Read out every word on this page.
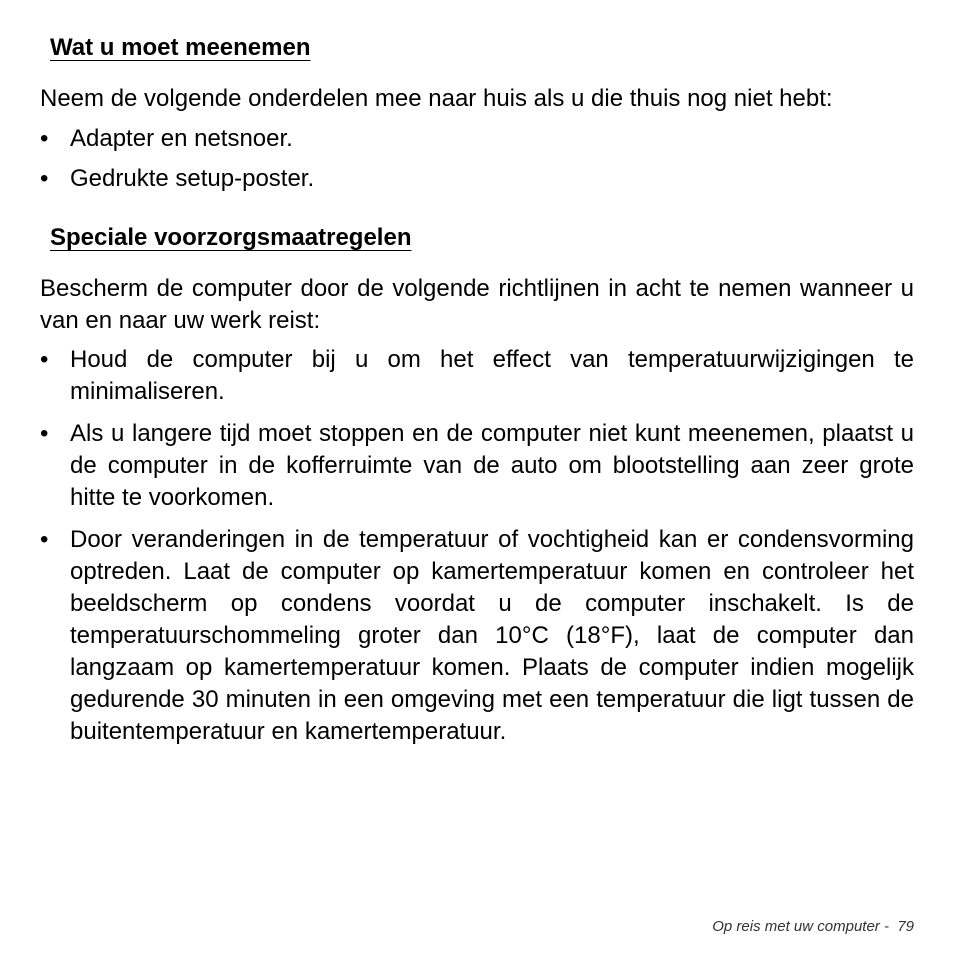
Wat u moet meenemen

Neem de volgende onderdelen mee naar huis als u die thuis nog niet hebt:

• Adapter en netsnoer.
• Gedrukte setup-poster.
Speciale voorzorgsmaatregelen

Bescherm de computer door de volgende richtlijnen in acht te nemen wanneer u van en naar uw werk reist:

• Houd de computer bij u om het effect van temperatuurwijzigingen te minimaliseren.
• Als u langere tijd moet stoppen en de computer niet kunt meenemen, plaatst u de computer in de kofferruimte van de auto om blootstelling aan zeer grote hitte te voorkomen.
• Door veranderingen in de temperatuur of vochtigheid kan er condensvorming optreden. Laat de computer op kamertemperatuur komen en controleer het beeldscherm op condens voordat u de computer inschakelt. Is de temperatuurschommeling groter dan 10°C (18°F), laat de computer dan langzaam op kamertemperatuur komen. Plaats de computer indien mogelijk gedurende 30 minuten in een omgeving met een temperatuur die ligt tussen de buitentemperatuur en kamertemperatuur.
Op reis met uw computer - 79
